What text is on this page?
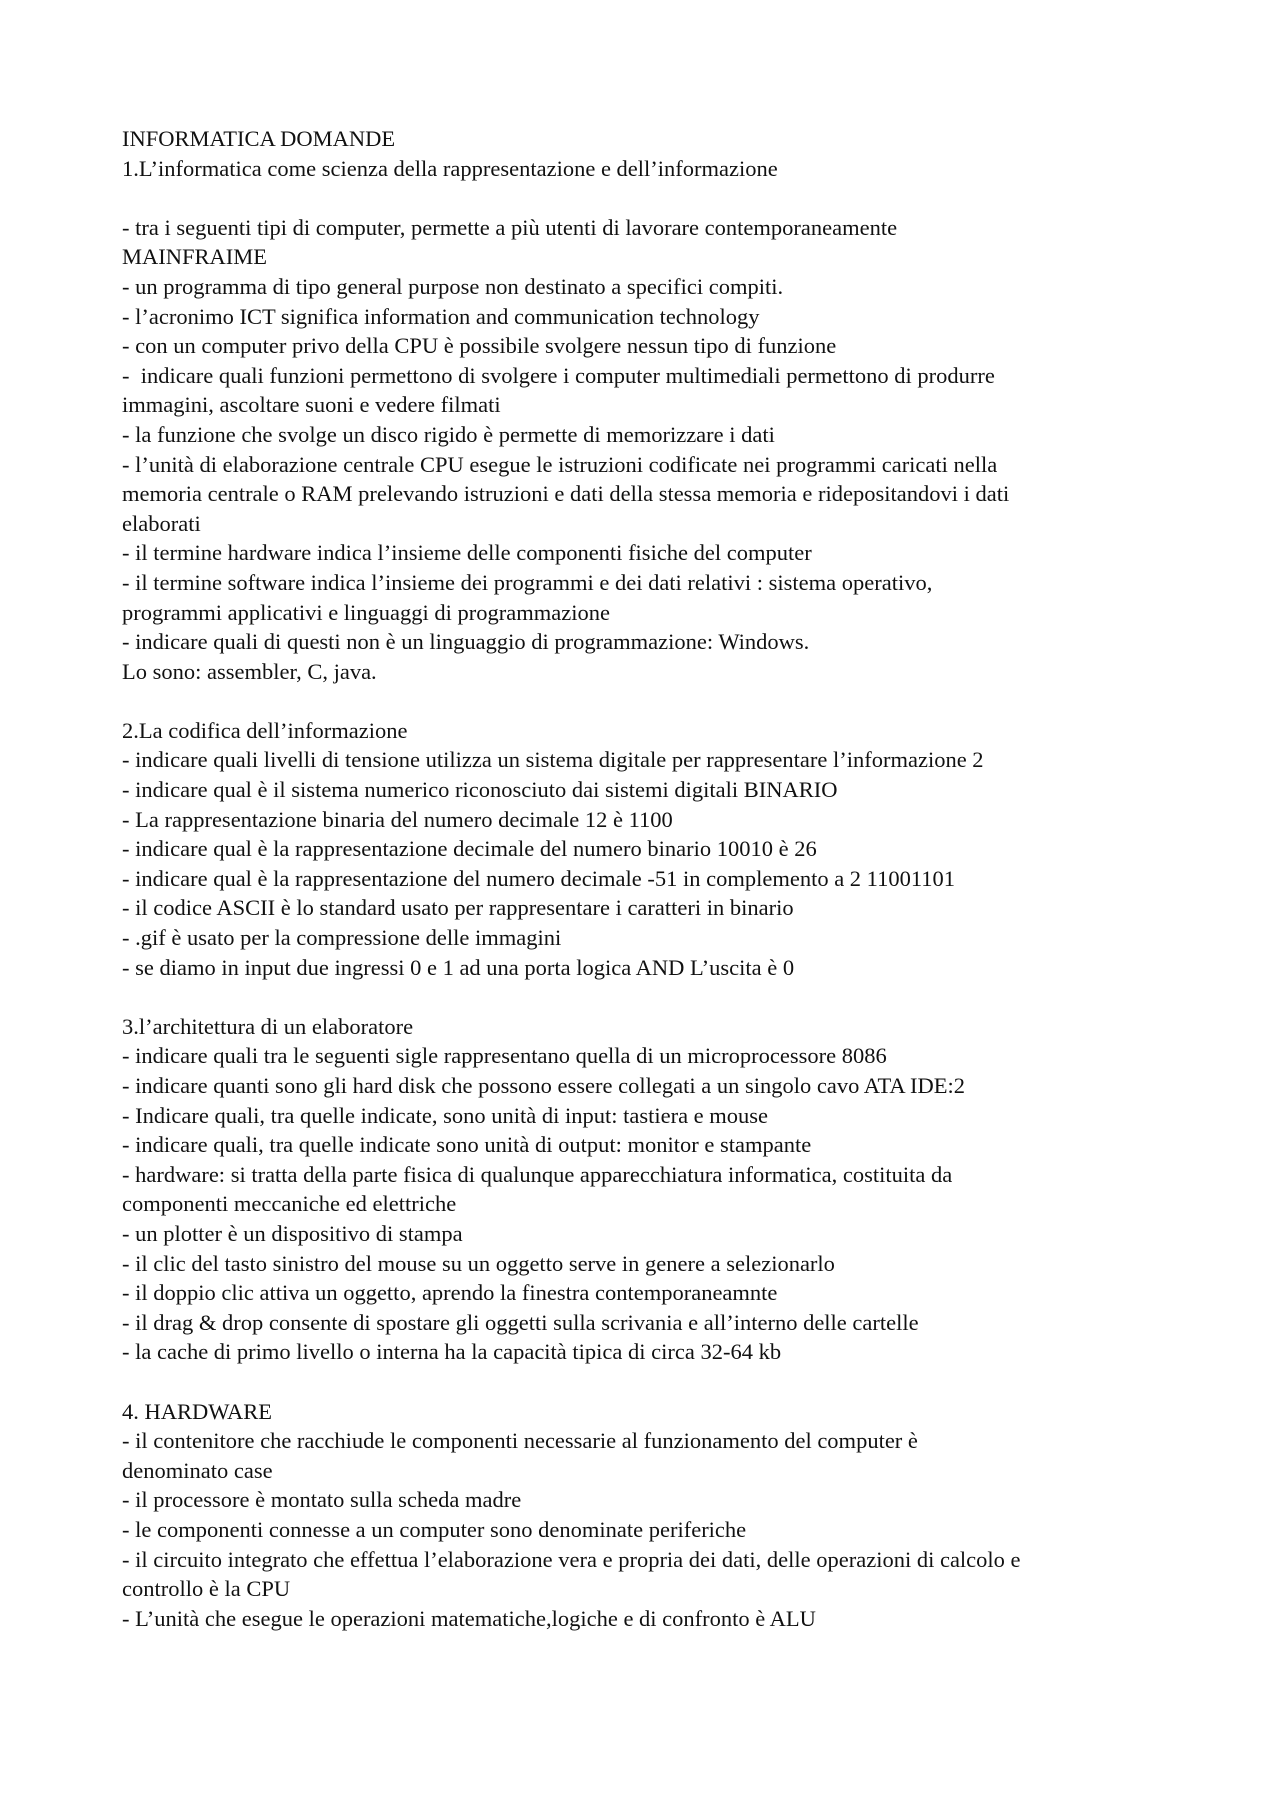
INFORMATICA DOMANDE
1.L’informatica come scienza della rappresentazione e dell’informazione
- tra i seguenti tipi di computer, permette a più utenti di lavorare contemporaneamente
MAINFRAIME
- un programma di tipo general purpose non destinato a specifici compiti.
- l’acronimo ICT significa information and communication technology
- con un computer privo della CPU è possibile svolgere nessun tipo di funzione
-  indicare quali funzioni permettono di svolgere i computer multimediali permettono di produrre
immagini, ascoltare suoni e vedere filmati
- la funzione che svolge un disco rigido è permette di memorizzare i dati
- l’unità di elaborazione centrale CPU esegue le istruzioni codificate nei programmi caricati nella
memoria centrale o RAM prelevando istruzioni e dati della stessa memoria e ridepositandovi i dati
elaborati
- il termine hardware indica l’insieme delle componenti fisiche del computer
- il termine software indica l’insieme dei programmi e dei dati relativi : sistema operativo,
programmi applicativi e linguaggi di programmazione
- indicare quali di questi non è un linguaggio di programmazione: Windows.
Lo sono: assembler, C, java.
2.La codifica dell’informazione
- indicare quali livelli di tensione utilizza un sistema digitale per rappresentare l’informazione 2
- indicare qual è il sistema numerico riconosciuto dai sistemi digitali BINARIO
- La rappresentazione binaria del numero decimale 12 è 1100
- indicare qual è la rappresentazione decimale del numero binario 10010 è 26
- indicare qual è la rappresentazione del numero decimale -51 in complemento a 2 11001101
- il codice ASCII è lo standard usato per rappresentare i caratteri in binario
- .gif è usato per la compressione delle immagini
- se diamo in input due ingressi 0 e 1 ad una porta logica AND L’uscita è 0
3.l’architettura di un elaboratore
- indicare quali tra le seguenti sigle rappresentano quella di un microprocessore 8086
- indicare quanti sono gli hard disk che possono essere collegati a un singolo cavo ATA IDE:2
- Indicare quali, tra quelle indicate, sono unità di input: tastiera e mouse
- indicare quali, tra quelle indicate sono unità di output: monitor e stampante
- hardware: si tratta della parte fisica di qualunque apparecchiatura informatica, costituita da
componenti meccaniche ed elettriche
- un plotter è un dispositivo di stampa
- il clic del tasto sinistro del mouse su un oggetto serve in genere a selezionarlo
- il doppio clic attiva un oggetto, aprendo la finestra contemporaneamnte
- il drag & drop consente di spostare gli oggetti sulla scrivania e all’interno delle cartelle
- la cache di primo livello o interna ha la capacità tipica di circa 32-64 kb
4. HARDWARE
- il contenitore che racchiude le componenti necessarie al funzionamento del computer è
denominato case
- il processore è montato sulla scheda madre
- le componenti connesse a un computer sono denominate periferiche
- il circuito integrato che effettua l’elaborazione vera e propria dei dati, delle operazioni di calcolo e
controllo è la CPU
- L’unità che esegue le operazioni matematiche,logiche e di confronto è ALU
